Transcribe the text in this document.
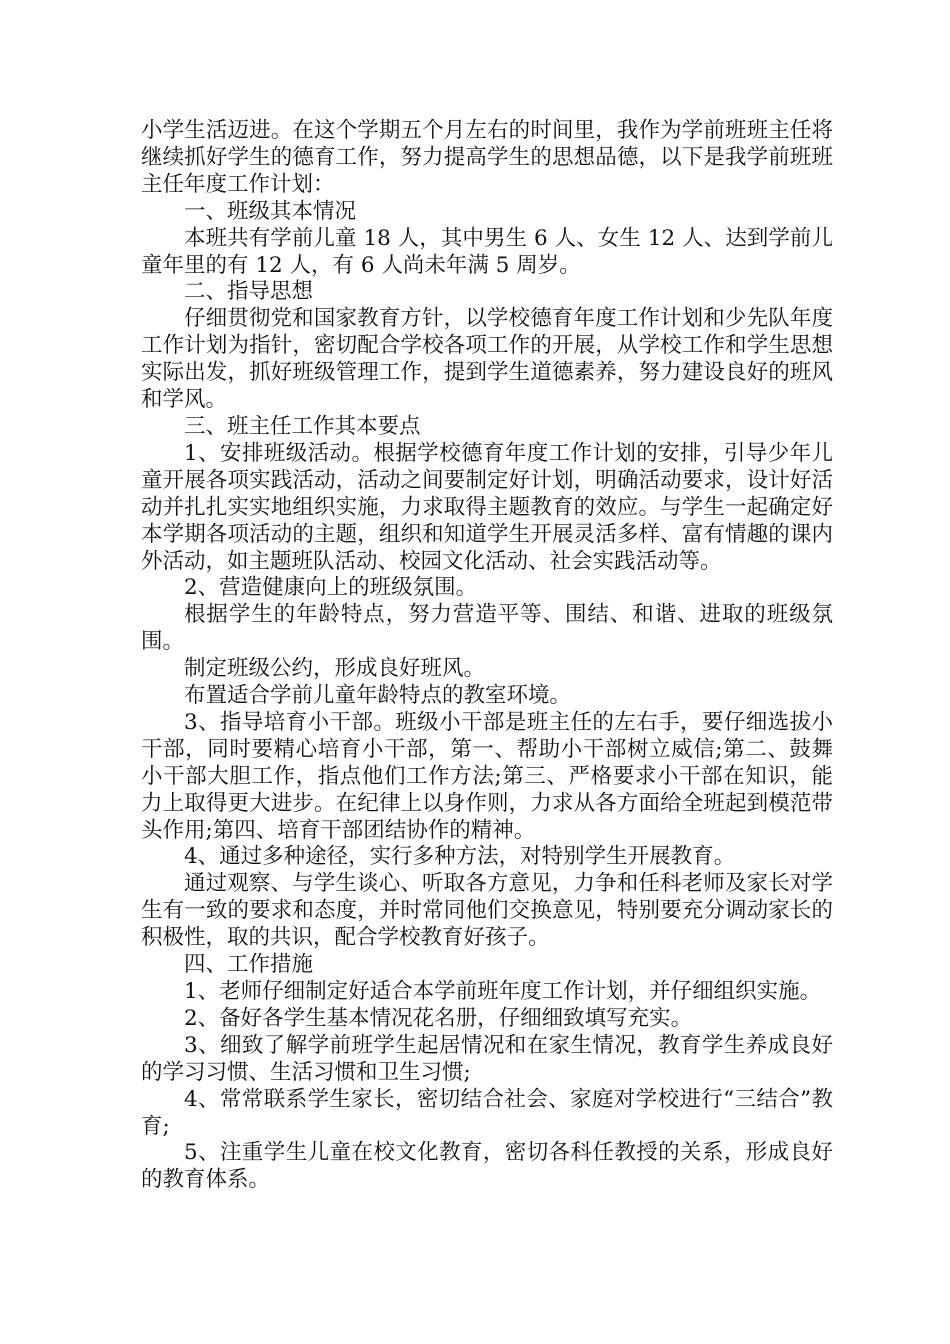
小学生活迈进。在这个学期五个月左右的时间里，我作为学前班班主任将继续抓好学生的德育工作，努力提高学生的思想品德，以下是我学前班班主任年度工作计划：

一、班级其本情况

本班共有学前儿童 18 人，其中男生 6 人、女生 12 人、达到学前儿童年里的有 12 人，有 6 人尚未年满 5 周岁。

二、指导思想

仔细贯彻党和国家教育方针，以学校德育年度工作计划和少先队年度工作计划为指针，密切配合学校各项工作的开展，从学校工作和学生思想实际出发，抓好班级管理工作，提到学生道德素养，努力建设良好的班风和学风。

三、班主任工作其本要点

1、安排班级活动。根据学校德育年度工作计划的安排，引导少年儿童开展各项实践活动，活动之间要制定好计划，明确活动要求，设计好活动并扎扎实实地组织实施，力求取得主题教育的效应。与学生一起确定好本学期各项活动的主题，组织和知道学生开展灵活多样、富有情趣的课内外活动，如主题班队活动、校园文化活动、社会实践活动等。

2、营造健康向上的班级氛围。

根据学生的年龄特点，努力营造平等、围结、和谐、进取的班级氛围。

制定班级公约，形成良好班风。

布置适合学前儿童年龄特点的教室环境。

3、指导培育小干部。班级小干部是班主任的左右手，要仔细选拔小干部，同时要精心培育小干部，第一、帮助小干部树立威信;第二、鼓舞小干部大胆工作，指点他们工作方法;第三、严格要求小干部在知识，能力上取得更大进步。在纪律上以身作则，力求从各方面给全班起到模范带头作用;第四、培育干部团结协作的精神。

4、通过多种途径，实行多种方法，对特别学生开展教育。

通过观察、与学生谈心、听取各方意见，力争和任科老师及家长对学生有一致的要求和态度，并时常同他们交换意见，特别要充分调动家长的积极性，取的共识，配合学校教育好孩子。

四、工作措施

1、老师仔细制定好适合本学前班年度工作计划，并仔细组织实施。

2、备好各学生基本情况花名册，仔细细致填写充实。

3、细致了解学前班学生起居情况和在家生情况，教育学生养成良好的学习习惯、生活习惯和卫生习惯;

4、常常联系学生家长，密切结合社会、家庭对学校进行“三结合”教育;

5、注重学生儿童在校文化教育，密切各科任教授的关系，形成良好的教育体系。
